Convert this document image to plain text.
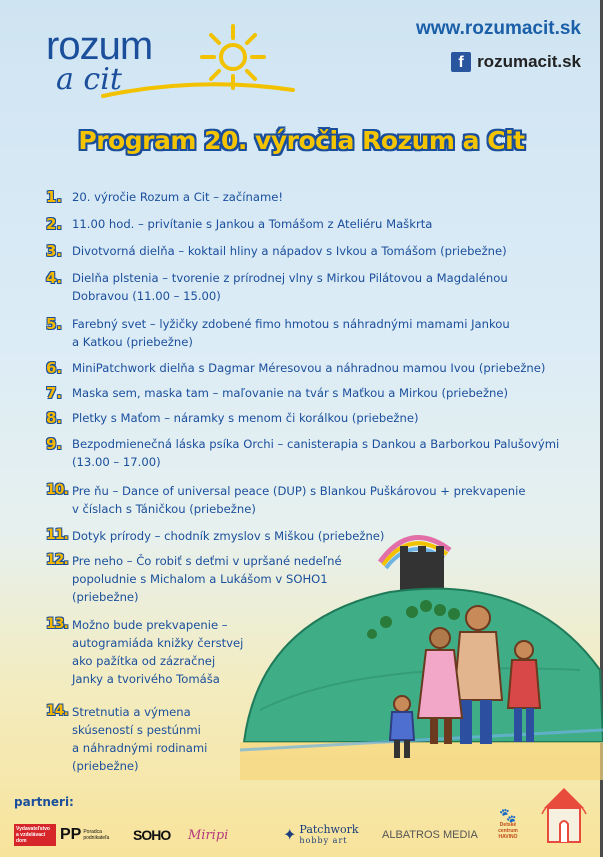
rozum
a cit
www.rozumacit.sk
f rozumacit.sk
Program 20. výročia Rozum a Cit
1. 20. výročie Rozum a Cit – začíname!
2. 11.00 hod. – privítanie s Jankou a Tomášom z Ateliéru Maškrta
3. Divotvorná dielňa – koktail hliny a nápadov s Ivkou a Tomášom (priebežne)
4. Dielňa plstenia – tvorenie z prírodnej vlny s Mirkou Pilátovou a Magdalénou
Dobravou (11.00 – 15.00)
5. Farebný svet – lyžičky zdobené fimo hmotou s náhradnými mamami Jankou
a Katkou (priebežne)
6. MiniPatchwork dielňa s Dagmar Méresovou a náhradnou mamou Ivou (priebežne)
7. Maska sem, maska tam – maľovanie na tvár s Maťkou a Mirkou (priebežne)
8. Pletky s Maťom – náramky s menom či korálkou (priebežne)
9. Bezpodmienečná láska psíka Orchi – canisterapia s Dankou a Barborkou Palušovými
(13.00 – 17.00)
10. Pre ňu – Dance of universal peace (DUP) s Blankou Puškárovou + prekvapenie
v číslach s Táničkou (priebežne)
11. Dotyk prírody – chodník zmyslov s Miškou (priebežne)
12. Pre neho – Čo robiť s deťmi v upršané nedeľné
popoludnie s Michalom a Lukášom v SOHO1
(priebežne)
13. Možno bude prekvapenie –
autogramiáda knižky čerstvej
ako pažítka od zázračnej
Janky a tvorivého Tomáša
14. Stretnutia a výmena
skúseností s pestúnmi
a náhradnými rodinami
(priebežne)
partneri:
Vydavateľstvo a vzdelávací dom	PP Poradca podnikateľa	SOHO Miripi	✦ Patchwork
hobby art	ALBATROS
MEDIA
🐾
Detské centrum HAVINO
